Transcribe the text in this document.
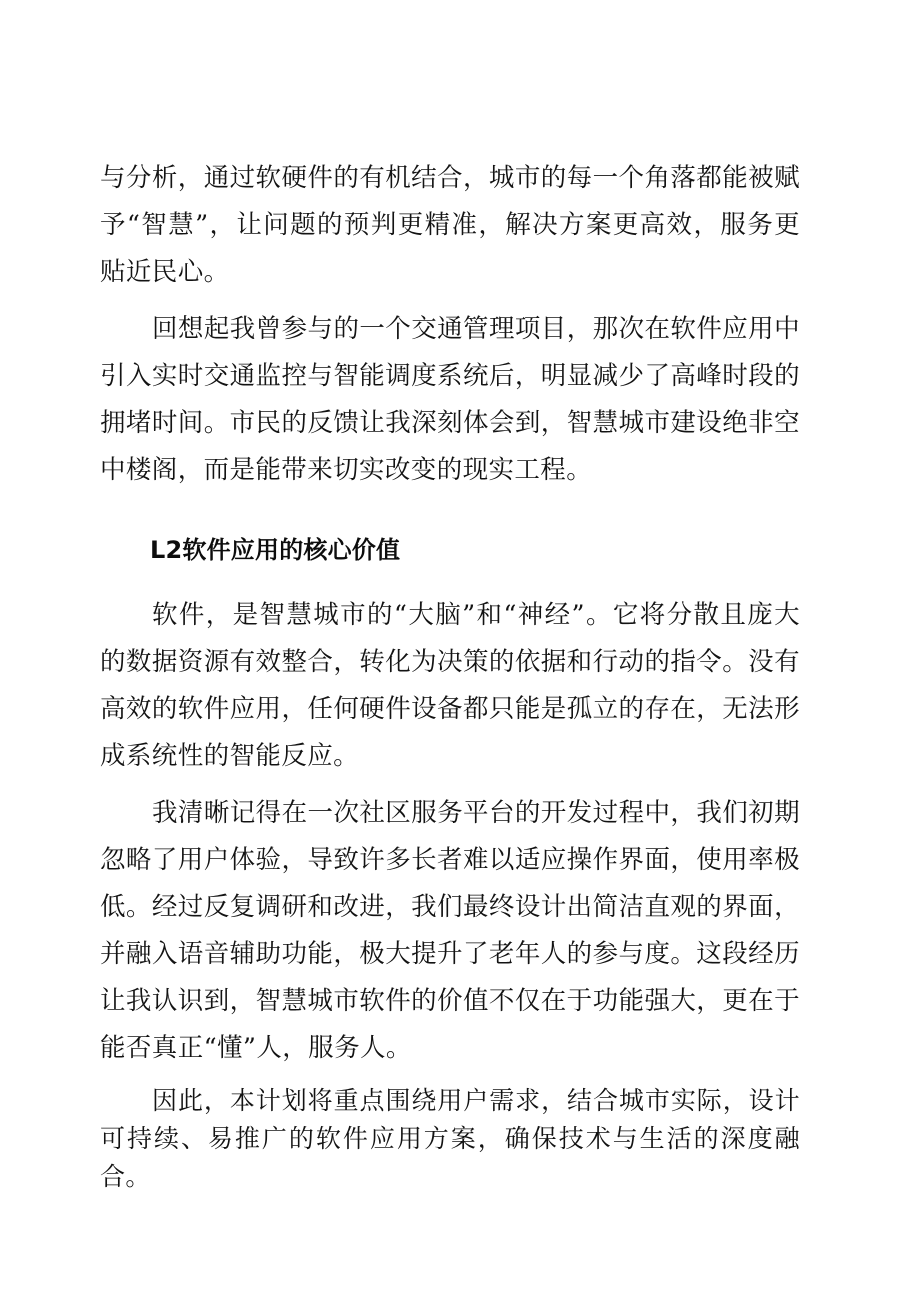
与分析，通过软硬件的有机结合，城市的每一个角落都能被赋予“智慧”，让问题的预判更精准，解决方案更高效，服务更贴近民心。

回想起我曾参与的一个交通管理项目，那次在软件应用中引入实时交通监控与智能调度系统后，明显减少了高峰时段的拥堵时间。市民的反馈让我深刻体会到，智慧城市建设绝非空中楼阁，而是能带来切实改变的现实工程。

L2软件应用的核心价值

软件，是智慧城市的“大脑”和“神经”。它将分散且庞大的数据资源有效整合，转化为决策的依据和行动的指令。没有高效的软件应用，任何硬件设备都只能是孤立的存在，无法形成系统性的智能反应。

我清晰记得在一次社区服务平台的开发过程中，我们初期忽略了用户体验，导致许多长者难以适应操作界面，使用率极低。经过反复调研和改进，我们最终设计出简洁直观的界面，并融入语音辅助功能，极大提升了老年人的参与度。这段经历让我认识到，智慧城市软件的价值不仅在于功能强大，更在于能否真正“懂”人，服务人。

因此，本计划将重点围绕用户需求，结合城市实际，设计可持续、易推广的软件应用方案，确保技术与生活的深度融合。
